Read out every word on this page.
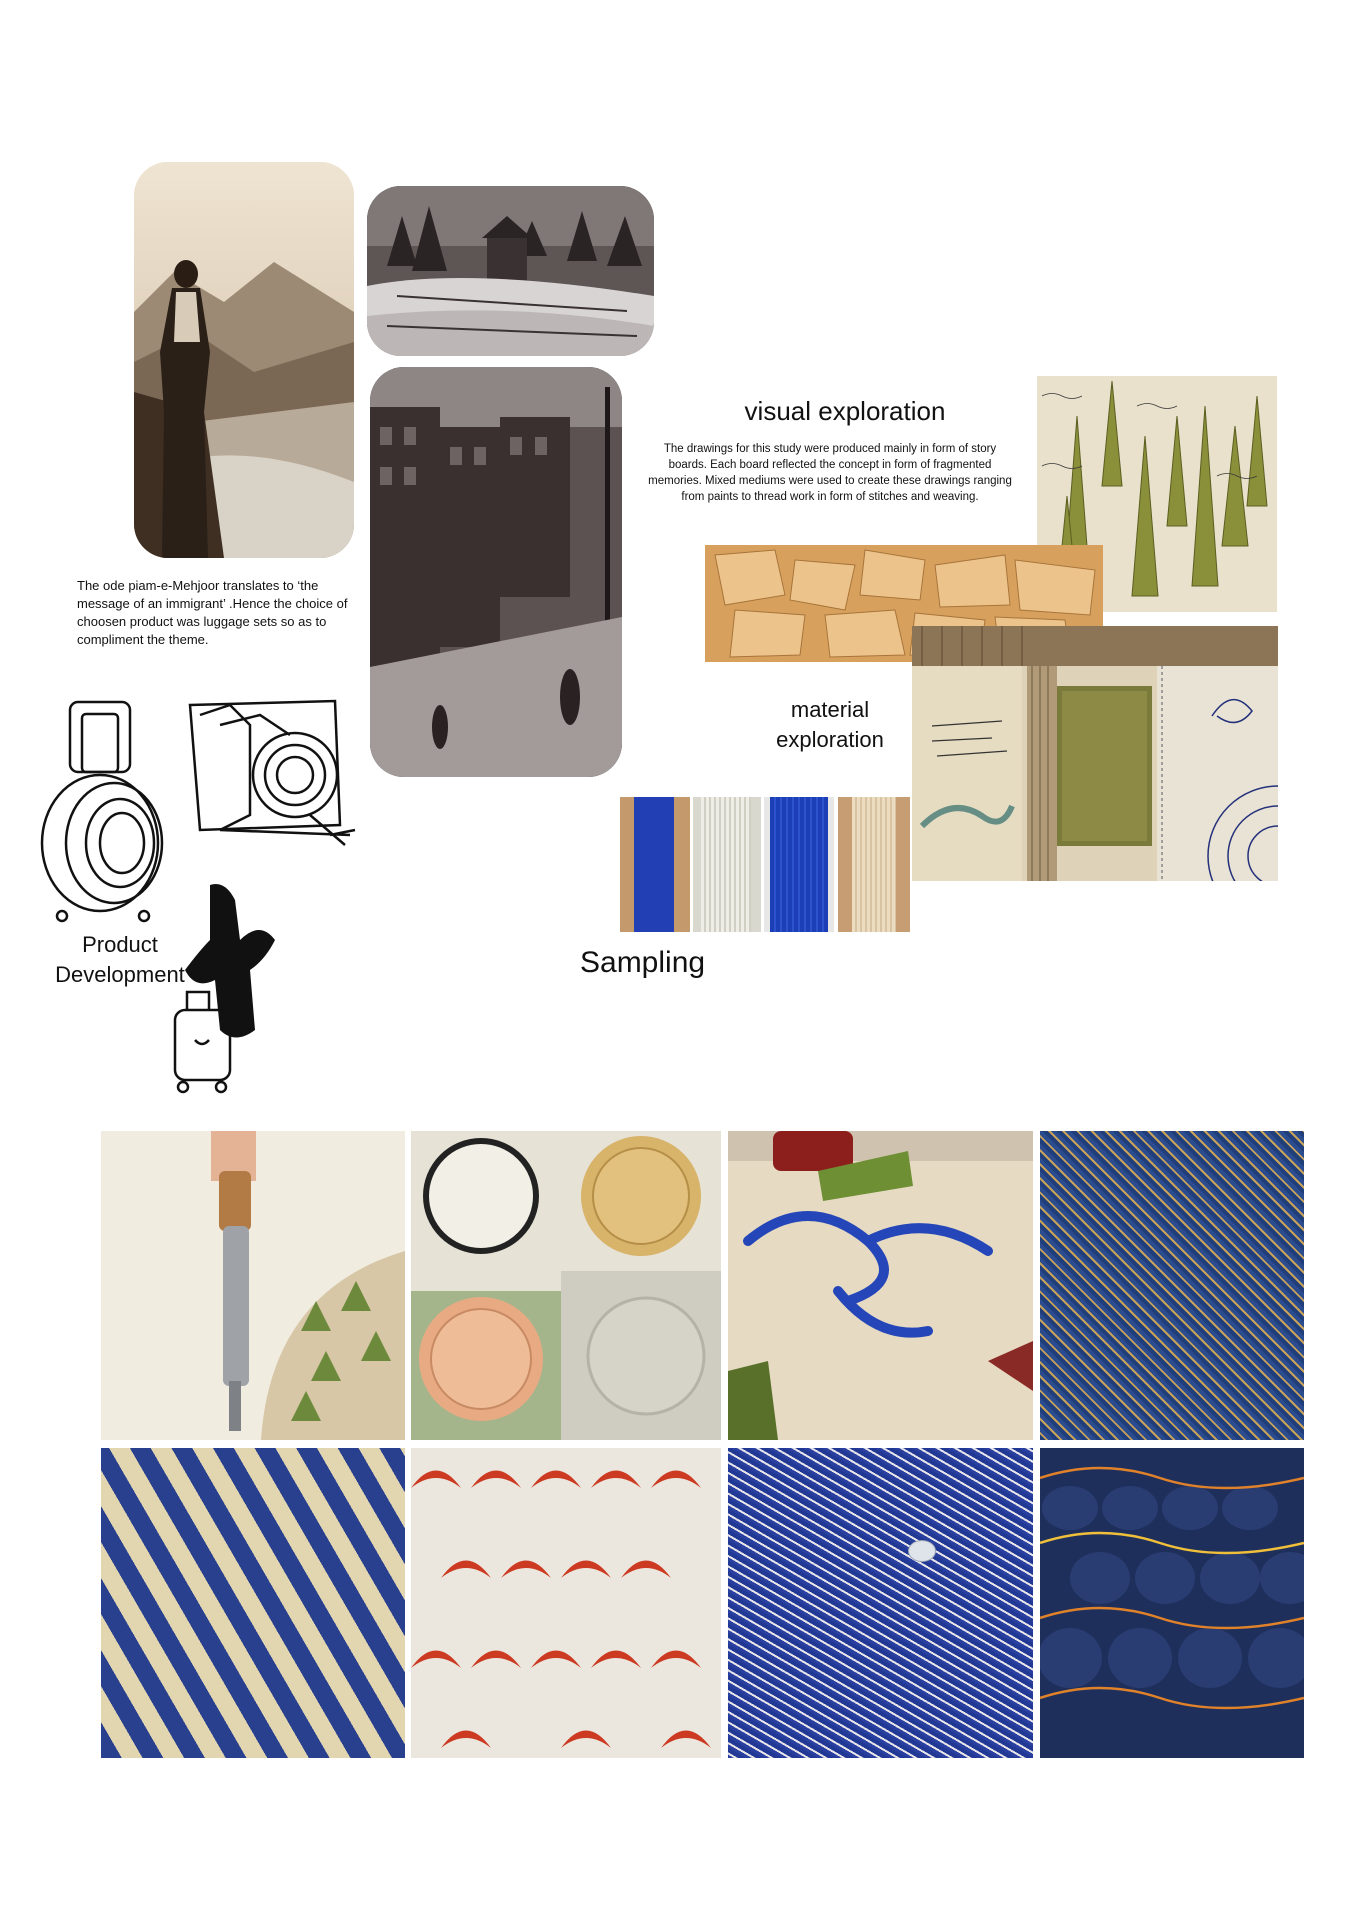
The ode piam-e-Mehjoor translates to ‘the message of an immigrant’ .Hence the choice of choosen product was luggage sets so as to compliment the theme.
Product
Development
visual exploration
The drawings for this study were produced mainly in form of story boards. Each board reflected the concept in form of fragmented memories. Mixed mediums were used to create these drawings ranging from paints to thread work in form of stitches and weaving.
material
exploration
Sampling
